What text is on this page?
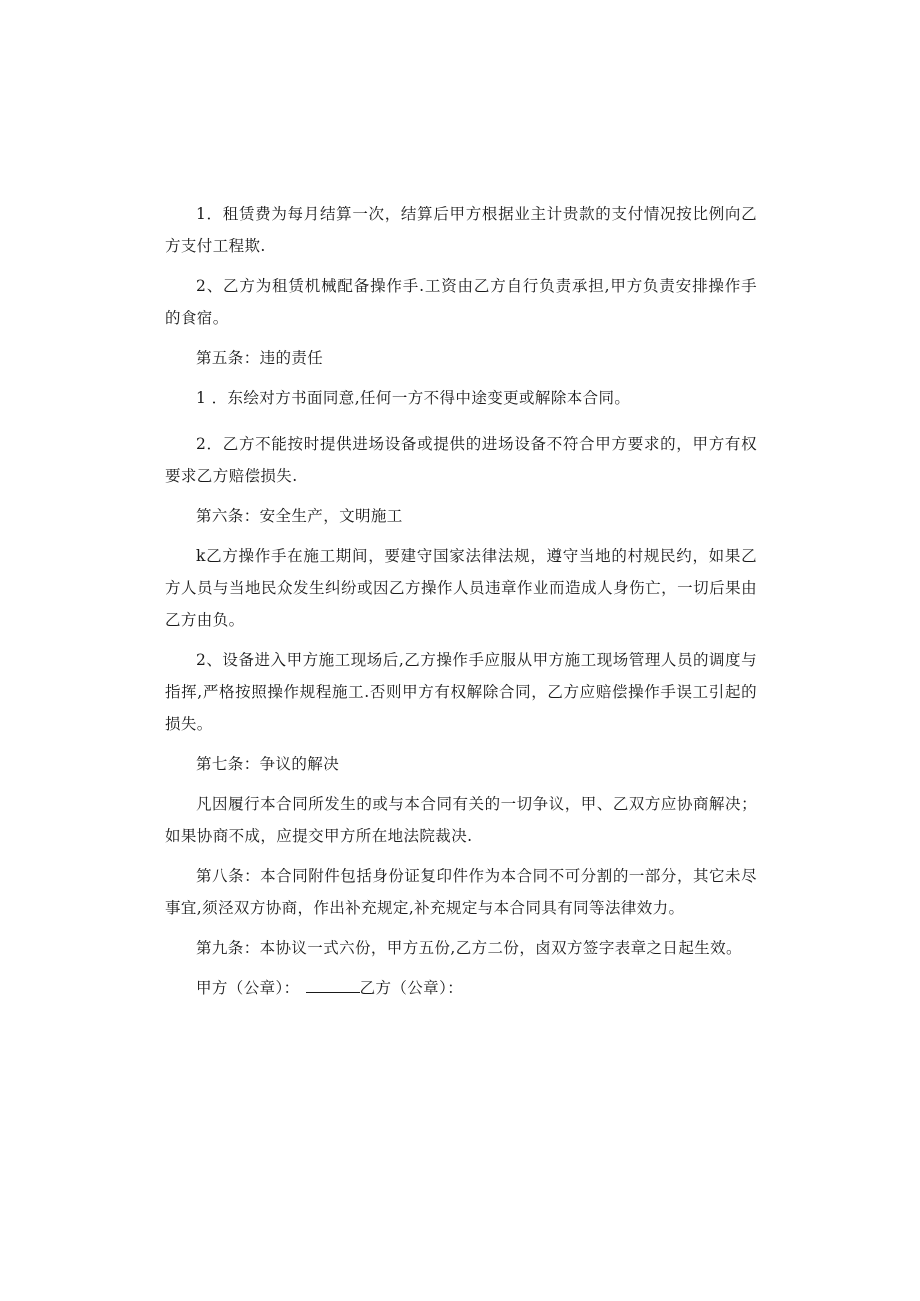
1．租赁费为每月结算一次，结算后甲方根据业主计贵款的支付情况按比例向乙方支付工程欺.

2、乙方为租赁机械配备操作手.工资由乙方自行负责承担,甲方负责安排操作手的食宿。

第五条：违的责任

1 ．东绘对方书面同意,任何一方不得中途变更或解除本合同。

2．乙方不能按时提供进场设备或提供的进场设备不符合甲方要求的，甲方有权要求乙方赔偿损失.

第六条：安全生产，文明施工

k乙方操作手在施工期间，要建守国家法律法规，遵守当地的村规民约，如果乙方人员与当地民众发生纠纷或因乙方操作人员违章作业而造成人身伤亡，一切后果由乙方由负。

2、设备进入甲方施工现场后,乙方操作手应服从甲方施工现场管理人员的调度与指挥,严格按照操作规程施工.否则甲方有权解除合同，乙方应赔偿操作手误工引起的损失。

第七条：争议的解决

凡因履行本合同所发生的或与本合同有关的一切争议，甲、乙双方应协商解决；如果协商不成，应提交甲方所在地法院裁决.

第八条：本合同附件包括身份证复印件作为本合同不可分割的一部分，其它未尽事宜,须泾双方协商，作出补充规定,补充规定与本合同具有同等法律效力。

第九条：本协议一式六份，甲方五份,乙方二份，卤双方签字表章之日起生效。

甲方（公章）：	乙方（公章）：
